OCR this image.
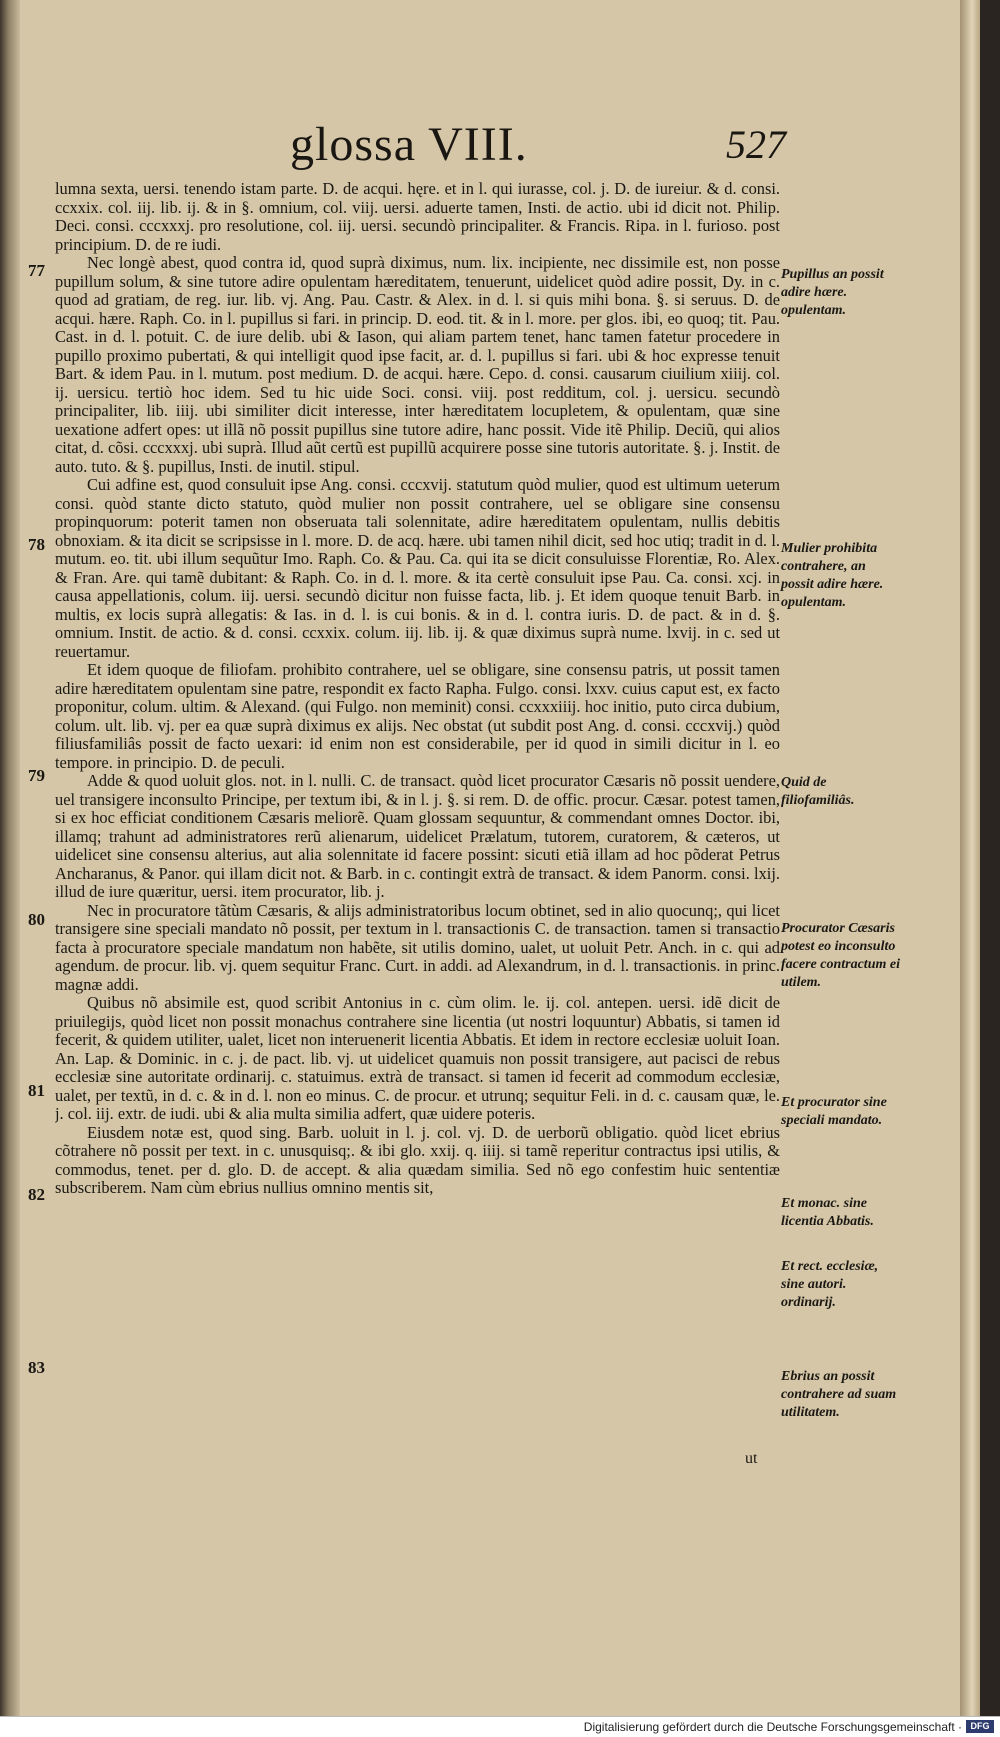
glossa VIII.	527
77
78
79
80
81
82
83

lumna sexta, uersi. tenendo istam parte. D. de acqui. hęre. et in l. qui iurasse, col. j. D. de iureiur. & d. consi. ccxxix. col. iij. lib. ij. & in §. omnium, col. viij. uersi. aduerte tamen, Insti. de actio. ubi id dicit not. Philip. Deci. consi. cccxxxj. pro resolutione, col. iij. uersi. secundò principaliter. & Francis. Ripa. in l. furioso. post principium. D. de re iudi.

Nec longè abest, quod contra id, quod suprà diximus, num. lix. incipiente, nec dissimile est, non posse pupillum solum, & sine tutore adire opulentam hæreditatem, tenuerunt, uidelicet quòd adire possit, Dy. in c. quod ad gratiam, de reg. iur. lib. vj. Ang. Pau. Castr. & Alex. in d. l. si quis mihi bona. §. si seruus. D. de acqui. hære. Raph. Co. in l. pupillus si fari. in princip. D. eod. tit. & in l. more. per glos. ibi, eo quoq; tit. Pau. Cast. in d. l. potuit. C. de iure delib. ubi & Iason, qui aliam partem tenet, hanc tamen fatetur procedere in pupillo proximo pubertati, & qui intelligit quod ipse facit, ar. d. l. pupillus si fari. ubi & hoc expresse tenuit Bart. & idem Pau. in l. mutum. post medium. D. de acqui. hære. Cepo. d. consi. causarum ciuilium xiiij. col. ij. uersicu. tertiò hoc idem. Sed tu hic uide Soci. consi. viij. post redditum, col. j. uersicu. secundò principaliter, lib. iiij. ubi similiter dicit interesse, inter hæreditatem locupletem, & opulentam, quæ sine uexatione adfert opes: ut illã nõ possit pupillus sine tutore adire, hanc possit. Vide itẽ Philip. Deciũ, qui alios citat, d. cõsi. cccxxxj. ubi suprà. Illud aũt certũ est pupillũ acquirere posse sine tutoris autoritate. §. j. Instit. de auto. tuto. & §. pupillus, Insti. de inutil. stipul.

Cui adfine est, quod consuluit ipse Ang. consi. cccxvij. statutum quòd mulier, quod est ultimum ueterum consi. quòd stante dicto statuto, quòd mulier non possit contrahere, uel se obligare sine consensu propinquorum: poterit tamen non obseruata tali solennitate, adire hæreditatem opulentam, nullis debitis obnoxiam. & ita dicit se scripsisse in l. more. D. de acq. hære. ubi tamen nihil dicit, sed hoc utiq; tradit in d. l. mutum. eo. tit. ubi illum sequũtur Imo. Raph. Co. & Pau. Ca. qui ita se dicit consuluisse Florentiæ, Ro. Alex. & Fran. Are. qui tamẽ dubitant: & Raph. Co. in d. l. more. & ita certè consuluit ipse Pau. Ca. consi. xcj. in causa appellationis, colum. iij. uersi. secundò dicitur non fuisse facta, lib. j. Et idem quoque tenuit Barb. in multis, ex locis suprà allegatis: & Ias. in d. l. is cui bonis. & in d. l. contra iuris. D. de pact. & in d. §. omnium. Instit. de actio. & d. consi. ccxxix. colum. iij. lib. ij. & quæ diximus suprà nume. lxvij. in c. sed ut reuertamur.

Et idem quoque de filiofam. prohibito contrahere, uel se obligare, sine consensu patris, ut possit tamen adire hæreditatem opulentam sine patre, respondit ex facto Rapha. Fulgo. consi. lxxv. cuius caput est, ex facto proponitur, colum. ultim. & Alexand. (qui Fulgo. non meminit) consi. ccxxxiiij. hoc initio, puto circa dubium, colum. ult. lib. vj. per ea quæ suprà diximus ex alijs. Nec obstat (ut subdit post Ang. d. consi. cccxvij.) quòd filiusfamiliâs possit de facto uexari: id enim non est considerabile, per id quod in simili dicitur in l. eo tempore. in principio. D. de peculi.

Adde & quod uoluit glos. not. in l. nulli. C. de transact. quòd licet procurator Cæsaris nõ possit uendere, uel transigere inconsulto Principe, per textum ibi, & in l. j. §. si rem. D. de offic. procur. Cæsar. potest tamen, si ex hoc efficiat conditionem Cæsaris meliorẽ. Quam glossam sequuntur, & commendant omnes Doctor. ibi, illamq; trahunt ad administratores rerũ alienarum, uidelicet Prælatum, tutorem, curatorem, & cæteros, ut uidelicet sine consensu alterius, aut alia solennitate id facere possint: sicuti etiã illam ad hoc põderat Petrus Ancharanus, & Panor. qui illam dicit not. & Barb. in c. contingit extrà de transact. & idem Panorm. consi. lxij. illud de iure quæritur, uersi. item procurator, lib. j.

Nec in procuratore tãtùm Cæsaris, & alijs administratoribus locum obtinet, sed in alio quocunq;, qui licet transigere sine speciali mandato nõ possit, per textum in l. transactionis C. de transaction. tamen si transactio facta à procuratore speciale mandatum non habẽte, sit utilis domino, ualet, ut uoluit Petr. Anch. in c. qui ad agendum. de procur. lib. vj. quem sequitur Franc. Curt. in addi. ad Alexandrum, in d. l. transactionis. in princ. magnæ addi.

Quibus nõ absimile est, quod scribit Antonius in c. cùm olim. le. ij. col. antepen. uersi. idẽ dicit de priuilegijs, quòd licet non possit monachus contrahere sine licentia (ut nostri loquuntur) Abbatis, si tamen id fecerit, & quidem utiliter, ualet, licet non interuenerit licentia Abbatis. Et idem in rectore ecclesiæ uoluit Ioan. An. Lap. & Dominic. in c. j. de pact. lib. vj. ut uidelicet quamuis non possit transigere, aut pacisci de rebus ecclesiæ sine autoritate ordinarij. c. statuimus. extrà de transact. si tamen id fecerit ad commodum ecclesiæ, ualet, per textũ, in d. c. & in d. l. non eo minus. C. de procur. et utrunq; sequitur Feli. in d. c. causam quæ, le. j. col. iij. extr. de iudi. ubi & alia multa similia adfert, quæ uidere poteris.

Eiusdem notæ est, quod sing. Barb. uoluit in l. j. col. vj. D. de uerborũ obligatio. quòd licet ebrius cõtrahere nõ possit per text. in c. unusquisq;. & ibi glo. xxij. q. iiij. si tamẽ reperitur contractus ipsi utilis, & commodus, tenet. per d. glo. D. de accept. & alia quædam similia. Sed nõ ego confestim huic sententiæ subscriberem. Nam cùm ebrius nullius omnino mentis sit,

Pupillus an possit adire hære. opulentam.
Mulier prohibita contrahere, an possit adire hære. opulentam.
Quid de filiofamiliâs.
Procurator Cæsaris potest eo inconsulto facere contractum ei utilem.
Et procurator sine speciali mandato.
Et monac. sine licentia Abbatis.
Et rect. ecclesiæ, sine autori. ordinarij.
Ebrius an possit contrahere ad suam utilitatem.
ut
Digitalisierung gefördert durch die Deutsche Forschungsgemeinschaft · DFG
